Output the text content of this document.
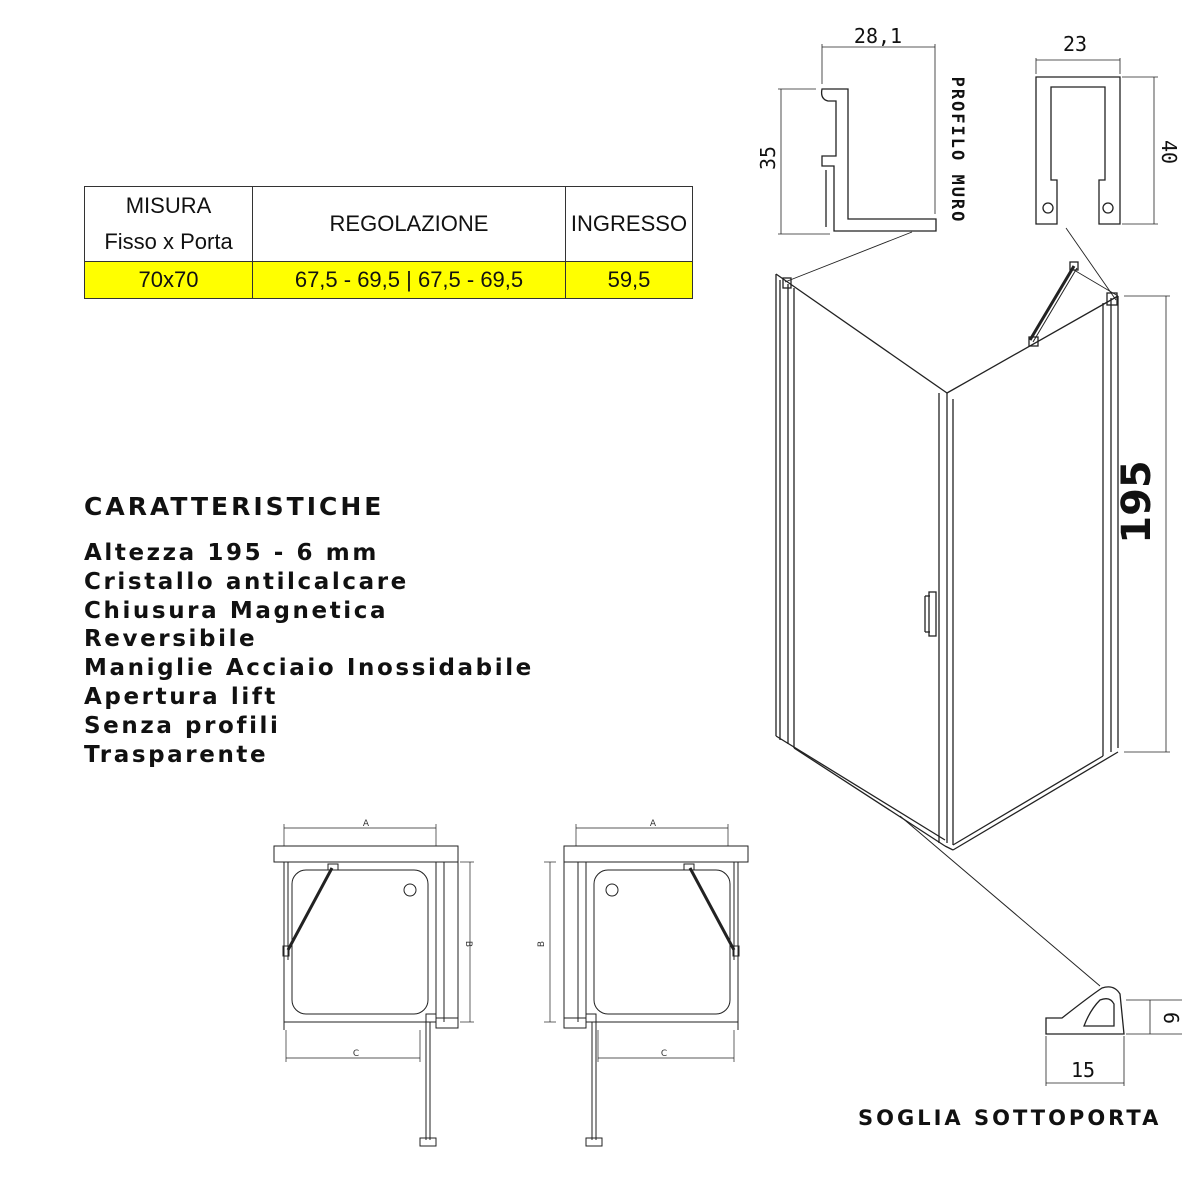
MISURA
Fisso x Porta	REGOLAZIONE	INGRESSO
70x70	67,5 - 69,5 | 67,5 - 69,5	59,5
CARATTERISTICHE
Altezza 195 - 6 mm
Cristallo antilcalcare
Chiusura Magnetica
Reversibile
Maniglie Acciaio Inossidabile
Apertura lift
Senza profili
Trasparente
28,1
35	PROFILO MURO
23
40
195
15
6
A
C
B
A
C
B
SOGLIA SOTTOPORTA
